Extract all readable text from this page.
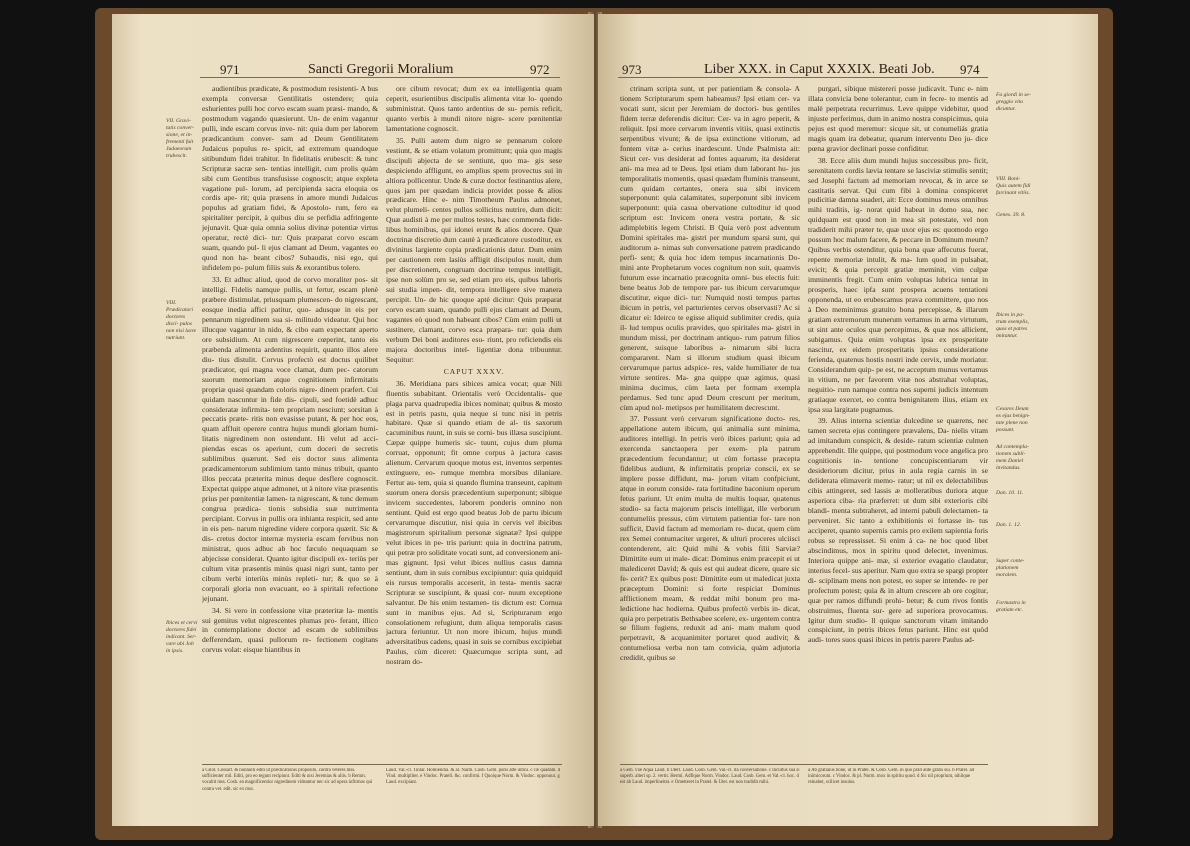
971	Sancti Gregorii Moralium	972
VII. Gravi- tatis conver- sione, et in- frementi fuit Judaeorum trubescit.
VIII. Prædicatori doctores disci- pulos non nisi lacte nutriunt.
Ibices et cervi doctores fidei indicant. Ser- vare ubi Job in ipsis.

audientibus prædicate, & postmodum resistenti- A bus exempla conversæ Gentilitatis ostendere; quia eshurientes pulli hoc corvo escam suam præsi- mando, & postmodum vagando quæsierunt. Un- de enim vagantur pulli, inde escam corvus inve- nit: quia dum per laborem prædicantium conver- sam ad Deum Gentilitatem Judaicus populus re- spicit, ad extremum quandoque sitibundum fidei trahitur. In fidelitatis erubescit: & tunc Scripturæ sacræ sen- tentias intelligit, cum prolis quàm sibi cum Gentibus transfusisse cognoscit; atque expleta vagatione pul- lorum, ad percipienda sacra eloquia os cordis ape- rit; quia præsens in amore mundi Judaicus populus ad gratiam fidei, & Apostolo- rum, fero ea spiritaliter percipit, à quibus diu se perfidia adfringente jejunavit. Quæ quia omnia solius divinæ potentiæ virtus operatur, rectè dici- tur: Quis præparat corvo escam suam, quando pul- li ejus clamant ad Deum, vagantes eo quod non ha- beant cibos? Subaudis, nisi ego, qui infidelem po- pulum filiis suis & exorantibus tolero.

33. Et adhuc aliud, quod de corvo moraliter pos- sit intelligi. Fidelis namque pullis, ut fertur, escam plenè præbere distimulat, priusquam plumescen- do nigrescant, eosque inedia affici patitur, quo- adusque in eis per pennarum nigredinem sua si- militudo videatur. Qui hoc illucque vagantur in nido, & cibo eam expectant aperto ore subsidium. At cum nigrescere cœperint, tanto eis præbenda alimenta ardentius requirit, quanto illos alere diu- tius distulit. Corvus profectò est doctus quilibet prædicator, qui magna voce clamat, dum pec- catorum suorum memoriam atque cognitionem infirmitatis propriæ quasi quandam coloris nigre- dinem præfert. Cui quidam nascuntur in fide dis- cipuli, sed foetidè adhuc consideratæ infirmita- tem propriam nesciunt; sorsitan à peccatis præte- ritis non evasisse putant, & per hoc eos, quam affluit operere contra hujus mundi gloriam humi- litatis nigredinem non ostendunt. Hi velut ad acci- piendas escas os aperiunt, cum doceri de secretis sublimibus quærunt. Sed eis doctor suus alimenta prædicamentorum sublimium tanto minus tribuit, quanto illos peccata præterita minus deque desflere cognoscit. Expectat quippe atque admonet, ut à nitore vitæ præsentis prius per pœnitentiæ lamen- ta nigrescant, & tunc demum congrua prædica- tionis subsidia suæ nutrimenta percipiant. Corvus in pullis ora inhianta respicit, sed ante in eis pen- narum nigredine videre corpora quærit. Sic & dis- cretus doctor internæ mysteria escam fervibus non ministrat, quos adhuc ab hoc fæculo nequaquam se abjecisse considerat. Quanto igitur discipuli ex- teriùs per cultum vitæ præsentis minùs quasi nigri sunt, tanto per cibum verbi interiùs minùs repleti- tur; & quo se à corporali gloria non evacuant, eo à spiritali refectione jejunant.

34. Si vero in confessione vitæ præteritæ la- mentis sui gemitus velut nigrescentes plumas pro- ferant, illico in contemplatione doctor ad escam de sublimibus defferendam, quasi pullorum re- fectionem cogitans corvus volat: eisque hiantibus in

ore cibum revocat; dum ex ea intelligentia quam ceperit, esurientibus discipulis alimenta vitæ lo- quendo subministrat. Quos tanto ardentius de su- pernis reficit, quanto verbis à mundi nitore nigre- scere pœnitentiæ lamentatione cognoscit.

35. Pulli autem dum nigro se pennarum colore vestiunt, & se etiam volatum promittunt; quia quo magis discipuli abjecta de se sentiunt, quo ma- gis sese despiciendo affligunt, eo amplius spem provectus sui in altiora pollicentur. Unde & curæ doctor festinantius alere, quos jam per quædam indicia providet posse & alios prædicare. Hinc e- nim Timotheum Paulus admonet, velut plumeli- centes pullos sollicitus nutrire, dum dicit: Quæ audisti à me per multos testes, hæc commenda fide- libus hominibus, qui idonei erunt & alios docere. Quæ doctrinæ discretio dum cautè à prædicatore custoditur, ex divinitus largiente copia prædicationis datur. Dum enim per cautionem rem lasiùs affligit discipulos nuuit, dum per discretionem, congruam doctrinæ tempus intelligit, ipse non solùm pro se, sed etiam pro eis, quibus laboris sui studia impen- dit, tempora intelligere sive manera percipit. Un- de hic quoque aptè dicitur: Quis præparat corvo escam suam, quando pulli ejus clamant ad Deum, vagantes eò quod non habeant cibos? Cùm enim pulli ut sustinere, clamant, corvo esca præpara- tur: quia dum verbum Dei boni auditores esu- riunt, pro reficiendis eis majora doctoribus intel- ligentiæ dona tribuuntur. Sequitur:

CAPUT XXXV.

36. Meridiana pars sibices amica vocat; quæ Nili fluentis subabitant. Orientalis verò Occidentalis- que plaga parva quadrupedia ibices nominat; quibus & mosto est in petris pastu, quia neque si tunc nisi in petris habitare. Quæ si quando etiam de al- tis saxorum cacuminibus ruunt, in suis se corni- bus illæsa suscipiunt. Cæpæ quippe humeris sic- tuunt, cujus dum pluma corruat, opponunt; fit omne corpus à jactura casus alienum. Cervarum quoque motus est, inventos serpentes extinguere, eo- rumque membra morsibus dilaniare. Fertur au- tem, quia si quando flumina transeunt, capitum suorum onera dorsis præcedentium superponunt; sibique invicem succedentes, laborem ponderis omnino non sentiunt. Quid est ergo quod beatus Job de partu ibicum cervarumque discutiur, nisi quia in cervis vel ibicibus magistrorum spiritalium personæ signatæ? Ipsi quippe velut ibices in pe- tris pariunt: quia in doctrina patrum, qui petræ pro soliditate vocati sunt, ad conversionem ani- mas gignunt. Ipsi velut ibices nullius casus damna sentiunt, dum in suis cornibus excipiuntur: quia quidquid eis rursus temporalis acceserit, in testa- mentis sacræ Scripturæ se suscipiunt, & quasi cor- nuum exceptione salvantur. De his enim testamen- tis dictum est: Cornua sunt in manibus ejus. Ad si, Scripturarum ergo consolationem refugiunt, dum aliqua temporalis casus jactura feriuntur. Ut non more ibicum, hujus mundi adversitatibus cadens, quasi in suis se cornibus excipiebat Paulus, cùm diceret: Quæcumque scripta sunt, ad nostram do-

a Gilot. Cossart. & nonnulli editi ut prædicationis proposito, contra veteres mss. sufficienter mil. Editi, pro eo tegunt recipiunt. Editi & nisi Jeremias & aliis. b Remm. vocabit mss. Cosb. ea magnificentior nigredinem videantur nec sic ad opera infirmos qui contra vet. edit. sic ex mss.
Laud. Val.-cl. Tinlar. Homiendia. & al. Narm. Cosb. Gem. poris atte infini. c cæ quadam. d Vind. multipliter. e Vindoc. Pratell. &c. confirmi. f Quoique Norm. & Vindoc. opponuut. g Laud. excipiant.
973	Liber XXX. in Caput XXXIX. Beati Job. 974

ctrinam scripta sunt, ut per patientiam & consola- A tionem Scripturarum spem habeamus? Ipsi etiam cer- va vocati sunt, sicut per Jeremiam de doctori- bus gentiles fidem terræ deferendis dicitur: Cer- va in agro peperit, & reliquit. Ipsi more cervarum inventis vitiis, quasi extinctis serpentibus vivunt; & de ipsa extinctione vitiorum, ad fontem vitæ a- cerius inardescunt. Unde Psalmista ait: Sicut cer- vus desiderat ad fontes aquarum, ita desiderat ani- ma mea ad te Deus. Ipsi etiam dum laborant hu- jus temporalitatis momentis, quasi quædam fluminis transeunt, cum quidam certantes, onera sua sibi invicem superponunt: quia calamitates, superponunt sibi invicem superponunt: quia casua obervatione cultoditur id quod scriptum est: Invicem onera vestra portate, & sic adimplebitis legem Christi. B Quia verò post adventum Domini spiritales ma- gistri per mundum sparsi sunt, qui auditorum a- nimas sub conversatione patrem prædicando perfi- sent; & quia hoc idem tempus incarnationis Do- mini ante Prophetarum voces cognitum non suit, quamvis futurum esse incarnatio præcognita omni- bus electis fuit: bene beatus Job de tempore par- tus ibicum cervarumque discutitur, eique dici- tur: Numquid nosti tempus partus ibicum in petris, vel parturientes cervos observasti? Ac si dicatur ei: Ideirco te egisse aliquid sublimiter credis, quia il- lud tempus oculis prævides, quo spiritales ma- gistri in mundum missi, per doctrinam antiquo- rum patrum filios generent, suisque laboribus a- nimarum sibi lucra compararent. Nam si illorum studium quasi ibicum cervarumque partus adspice- res, valde humiliater de tua virtute sentires. Ma- gna quippe quæ agimus, quasi minima ducimus, cùm laeta per formam exempla perdamus. Sed tunc apud Deum crescunt per meritum, cùm apud nol- metipsos per humilitatem decrescunt.

37. Possunt verò cervarum significatione docto- res, appellatione autem ibicum, qui animalia sunt minima, auditores intelligi. In petris verò ibices pariunt; quia ad exercenda sanctaopera per exem- pla patrum præcedentium fecundantur; ut cùm fortasse præcepta fidelibus audiunt, & infirmitatis propriæ conscii, ex se implere posse diffidunt, ma- jorum vitam confpiciunt, atque in eorum conside- rata fortitudine baconium operum fetus pariunt. Ut enim multa de multis loquar, quatenus studio- sa facta majorum priscis intelligat, ille verborum contumeliis pressus, cùm virtutem patientiæ for- tare non sufficit, David factum ad memoriam re- ducat, quem cùm rex Semei contumaciter urgeret, & ulturi proceres ulciisci contenderent, ait: Quid mihi & vobis filii Sarviæ? Dimittite eum ut male- dicat: Dominus enim præcepit ei ut malediceret David; & quis est qui audeat dicere, quare sic fe- cerit? Ex quibus post: Dimittite eum ut maledicat juxta præceptum Domini: si forte respiciat Dominus afflictionem meam, & reddat mihi bonum pro ma- ledictione hac hodierna. Quibus profectò verbis in- dicat, quia pro perpetratis Bethsabee scelere, ex- urgentem contra se filium fugiens, reduxit ad ani- mam malum quod perpetravit, & acquanimiter portaret quod audivit; & contumeliosa verba non tam convicia, quàm adjutoria credidit, quibus se

purgari, sibique mistereri posse judicavit. Tunc e- nim illata convicia bene tolerantur, cum in fecre- to mentis ad malè perpetrata recurrimus. Leve quippe videbitur, quod injuste perferimus, dum in animo nostra conspicimus, quia pejus est quod meremur: sicque sit, ut conumeliás gratia magis quam ira debeatur, quarum interventu Deo ju- dice pœna gravior declinari posse confiditur.

38. Ecce aliis dum mundi hujus successibus pro- ficit, serenitatem cordis lævia tentare se lasciviæ stimulis sentit; sed Josephi factum ad memoriam revocat, & in arce se castitatis servat. Qui cum fibi à domina conspiceret pudicitiæ damna suaderi, ait: Ecce dominus meus omnibus mihi traditis, ig- norat quid habeat in domo sua, nec quidquam est quod non in mea sit potestate, vel non tradiderit mihi præter te, quæ uxor ejus es: quomodo ergo possum hoc malum facere, & peccare in Dominum meum? Quibus verbis ostenditur, quia bona quæ affecutus fuerat, repente memoriæ intulit, & ma- lum quod in pulsabat, evicit; & quia percepit gratiæ meminit, vim culpæ imminentis fregit. Cum enim voluptas lubrica tentat in prosperis, haec ipfa sunt prospera acuens tentationi opponenda, ut eo erubescamus prava committere, quo nos à Deo meminimus gratuito bona percepisse, & illarum gratiam extremorum munerum vertamus in arma virtutum, ut sint ante oculos quæ percepimus, & quæ nos allicient, subigamus. Quia enim voluptas ipsa ex prosperitate nascitur, ex eidem prosperitatis ipsius consideratione ferienda, quatenus hostis nostri inde cervix, unde moriatur. Considerandum quip- pe est, ne acceptum munus vertamus in vitium, ne per favorem vitæ nos abstrahat voluptas, neguitio- rum namque contra nos superni judicis intentum gratiaque exercet, eo contra benignitatem ilius, etiam ex ipsa sua largitate pugnamus.

39. Alius interna scientiæ dulcedine se quærens, nec tamen secreta ejus contingere prævalens, Da- nielis vitam ad imitandum conspicit, & deside- ratum scientiæ culmen apprehendit. Ille quippe, qui postmodum voce angelica pro cognitionis in- tentione concupiscentiarum vir desideriorum dicitur, prius in aula regia carnis in se deliderata elimaverit memo- ratur; ut nil ex delectabilibus cibis attingeret, sed lassis æ molleratibus duriora atque asperiora ciba- ria præferret: ut dum sibi exterioris cibi blandi- menta subtraheret, ad interni pabuli delectamen- ta perveniret. Sic tanto a exhibitionis ei fortasse in- tus acciperet, quanto supernis carnis pro exilem sapientia foris robus se repressisset. Si enim à ca- ne hoc quod libet abscindimus, mox in spiritu quod delectet, invenimus. Interiora quippe ani- mæ, si exterior evagatio claudatur, interius fecel- sus aperitur. Nam quo extra se spargi propter di- sciplinam mens non potest, eo super se intende- re per profectum potest; quia & in altum crescere ab ore cogitur, quæ per ramos diffundi prohi- betur; & cum rivos fontis obstruimus, fluenta sur- gere ad superiora provocamus. Igitur dum studio- ll quique sanctorum vitam imitando conspiciunt, in petris ibices fetus pariunt. Hinc est quòd audi- tores suos quasi ibices in petris parere Paulus ad-

Fa giordi in se- greggio vita dicuntur.
VIII. Boni- Quis autem fidi farcinant vitiis.
Genes. 39. 8.
Ibices in pa- trum exemplis, quos et patres imitantur.
Cesares Deum ex ejus benign- tate plene non possunt.
Ad contempla- tionem subli- mem Daniel invitandus.
Dan. 10. 11.
Dan. 1. 12.
Super conte- plationem moralem.
Formastra in gratiam etc.
a Gem. viæ Aqua Laud. b Uterl. Laud. Cosb. Gem. Val.-cl. ita conversatione. c Incultus sua si superb. alteri sp. 2. vertit. Hermi. Adfique Norm. Vindoc. Laud. Cosb. Gem. et Val.-cl. hoc. d est ab Laud. imperlineitat. e Ometteret in Pratel. & Uter. est non tradidit mihi.
a Ab gratiaius bone, ut in Pratel. & Cosb. Gem. in quo prall ante gratis sui. b Pratel. ad inimicorum. c Vindoc. & pl. Norm. mox in spiritu quod. d Sic nil proprium, nihilque reinabet, scilicet insulus.
